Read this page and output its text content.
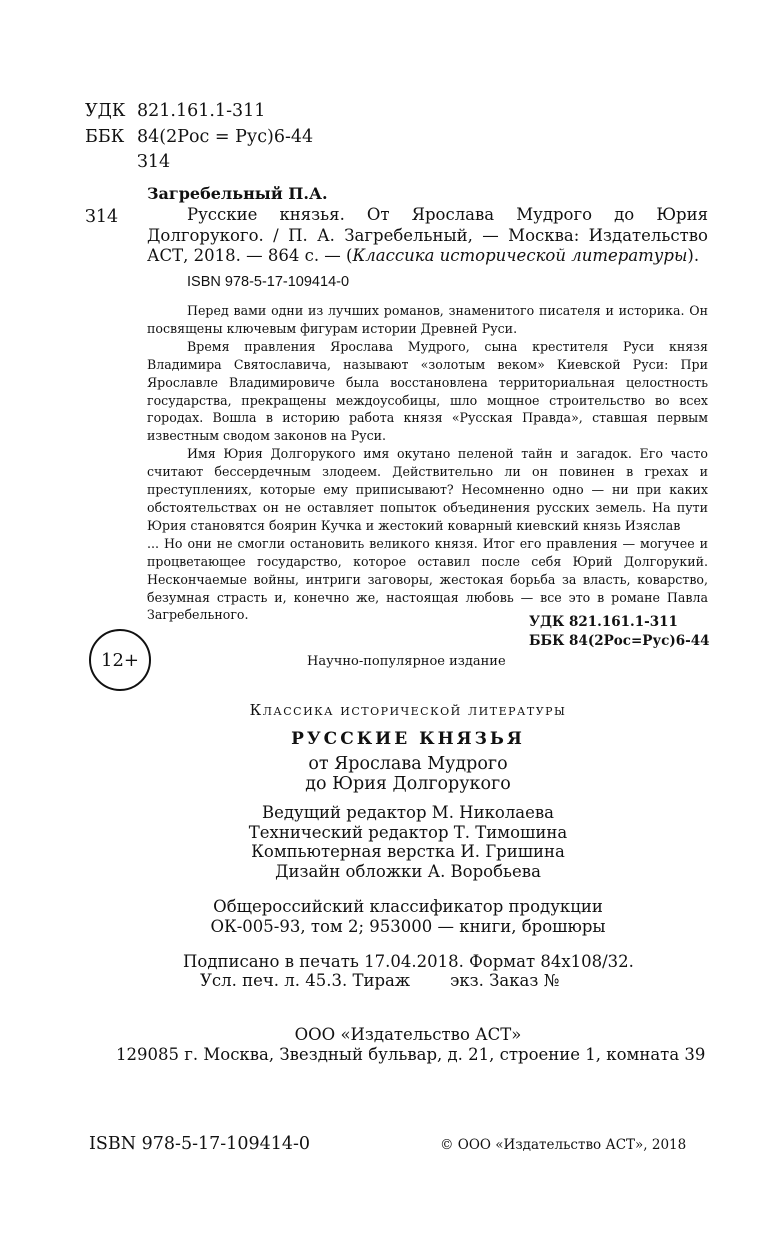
УДК 821.161.1-311
ББК 84(2Рос = Рус)6-44
З14
Загребельный П.А.
З14	Русские князья. От Ярослава Мудрого до Юрия Долгорукого. / П. А. Загребельный, — Москва: Издательство АСТ, 2018. — 864 с. — (Классика исторической литературы).
ISBN 978-5-17-109414-0

Перед вами одни из лучших романов, знаменитого писателя и историка. Он посвящены ключевым фигурам истории Древней Руси.

Время правления Ярослава Мудрого, сына крестителя Руси князя Владимира Святославича, называют «золотым веком» Киевской Руси: При Ярославле Владимировиче была восстановлена территориальная целостность государства, прекращены междоусобицы, шло мощное строительство во всех городах. Вошла в историю работа князя «Русская Правда», ставшая первым известным сводом законов на Руси.

Имя Юрия Долгорукого имя окутано пеленой тайн и загадок. Его часто считают бессердечным злодеем. Действительно ли он повинен в грехах и преступлениях, которые ему приписывают? Несомненно одно — ни при каких обстоятельствах он не оставляет попыток объединения русских земель. На пути Юрия становятся боярин Кучка и жестокий коварный киевский князь Изяслав

... Но они не смогли остановить великого князя. Итог его правления — могучее и процветающее государство, которое оставил после себя Юрий Долгорукий. Нескончаемые войны, интриги заговоры, жестокая борьба за власть, коварство, безумная страсть и, конечно же, настоящая любовь — все это в романе Павла Загребельного.	УДК 821.161.1-311
ББК 84(2Рос=Рус)6-44
12+	Научно-популярное издание
Классика исторической литературы
РУССКИЕ КНЯЗЬЯ
от Ярослава Мудрого
до Юрия Долгорукого
Ведущий редактор М. Николаева
Технический редактор Т. Тимошина
Компьютерная верстка И. Гришина
Дизайн обложки А. Воробьева
Общероссийский классификатор продукции
ОК-005-93, том 2; 953000 — книги, брошюры
Подписано в печать 17.04.2018. Формат 84х108/32.
Усл. печ. л. 45.3. Тираж экз. Заказ №
ООО «Издательство АСТ»
129085 г. Москва, Звездный бульвар, д. 21, строение 1, комната 39
ISBN 978-5-17-109414-0	© ООО «Издательство АСТ», 2018
